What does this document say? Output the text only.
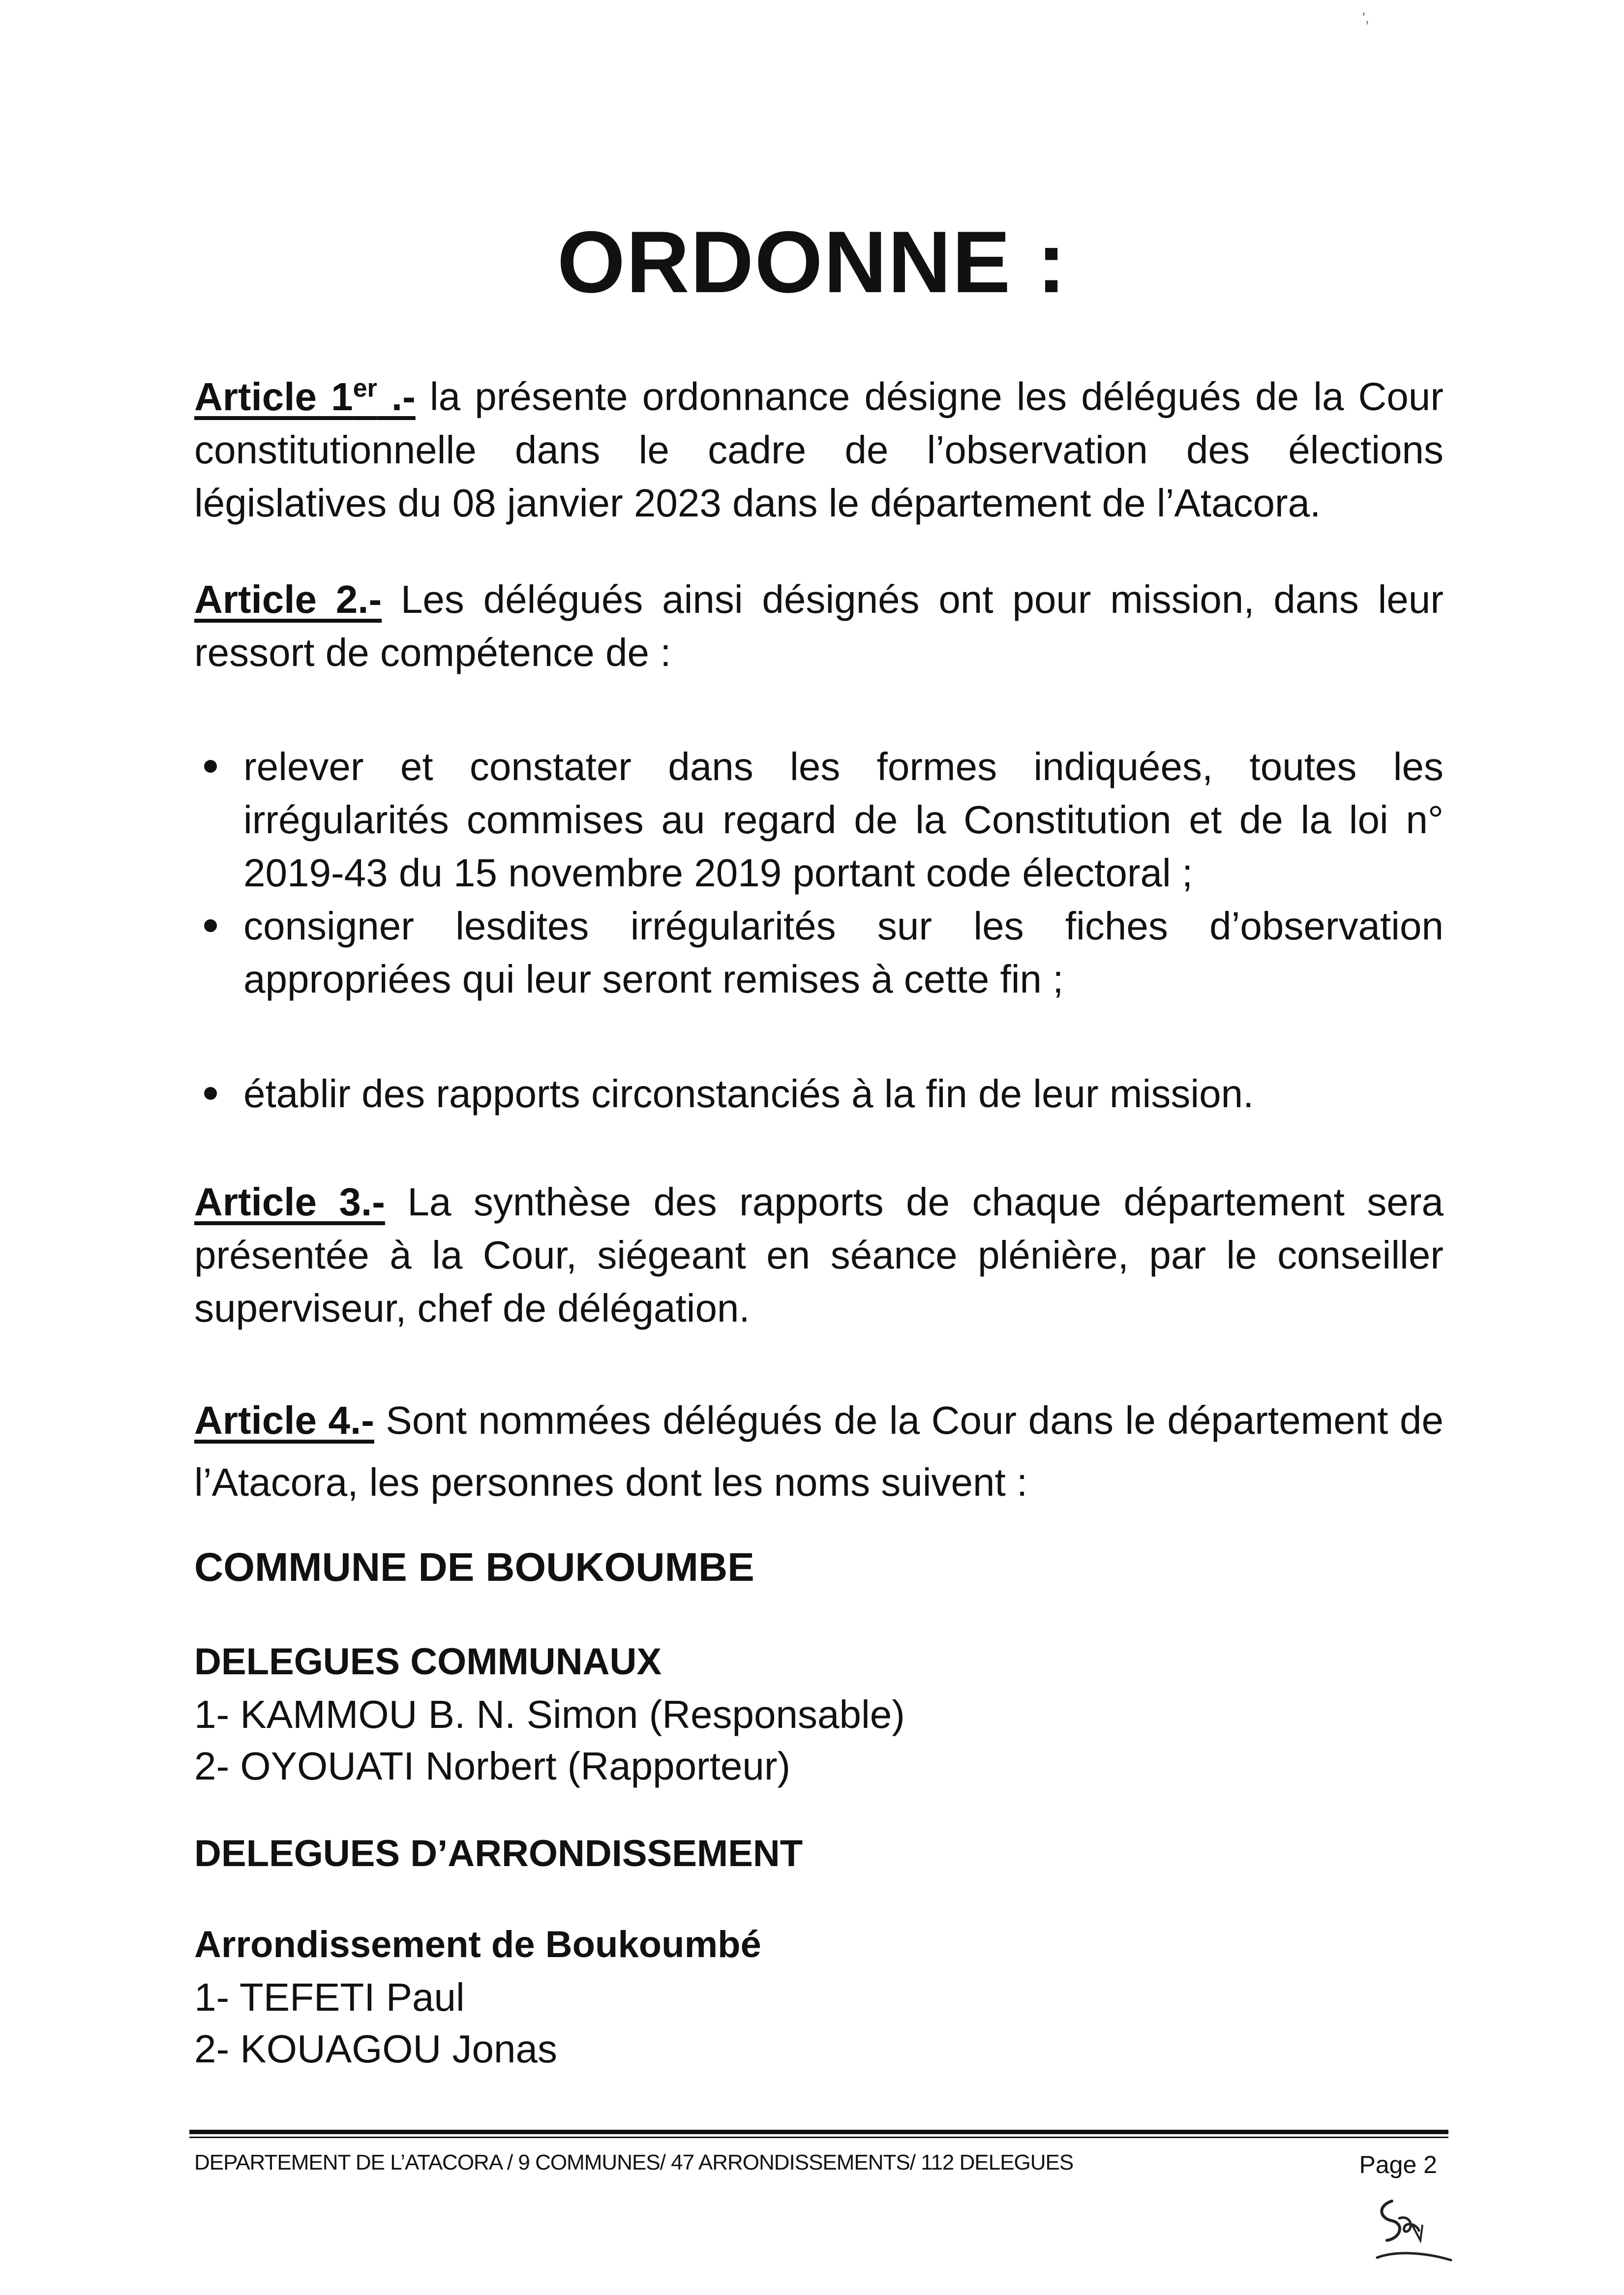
',
ORDONNE :

Article 1er .- la présente ordonnance désigne les délégués de la Cour constitutionnelle dans le cadre de l’observation des élections législatives du 08 janvier 2023 dans le département de l’Atacora.

Article 2.- Les délégués ainsi désignés ont pour mission, dans leur ressort de compétence de :

relever et constater dans les formes indiquées, toutes les irrégularités commises au regard de la Constitution et de la loi n° 2019-43 du 15 novembre 2019 portant code électoral ;
consigner lesdites irrégularités sur les fiches d’observation appropriées qui leur seront remises à cette fin ;
établir des rapports circonstanciés à la fin de leur mission.

Article 3.- La synthèse des rapports de chaque département sera présentée à la Cour, siégeant en séance plénière, par le conseiller superviseur, chef de délégation.

Article 4.- Sont nommées délégués de la Cour dans le département de l’Atacora, les personnes dont les noms suivent :

COMMUNE DE BOUKOUMBE
DELEGUES COMMUNAUX

1- KAMMOU B. N. Simon (Responsable)

2- OYOUATI Norbert (Rapporteur)

DELEGUES D’ARRONDISSEMENT
Arrondissement de Boukoumbé

1- TEFETI Paul

2- KOUAGOU Jonas

DEPARTEMENT DE L’ATACORA / 9 COMMUNES/ 47 ARRONDISSEMENTS/ 112 DELEGUES	Page 2
